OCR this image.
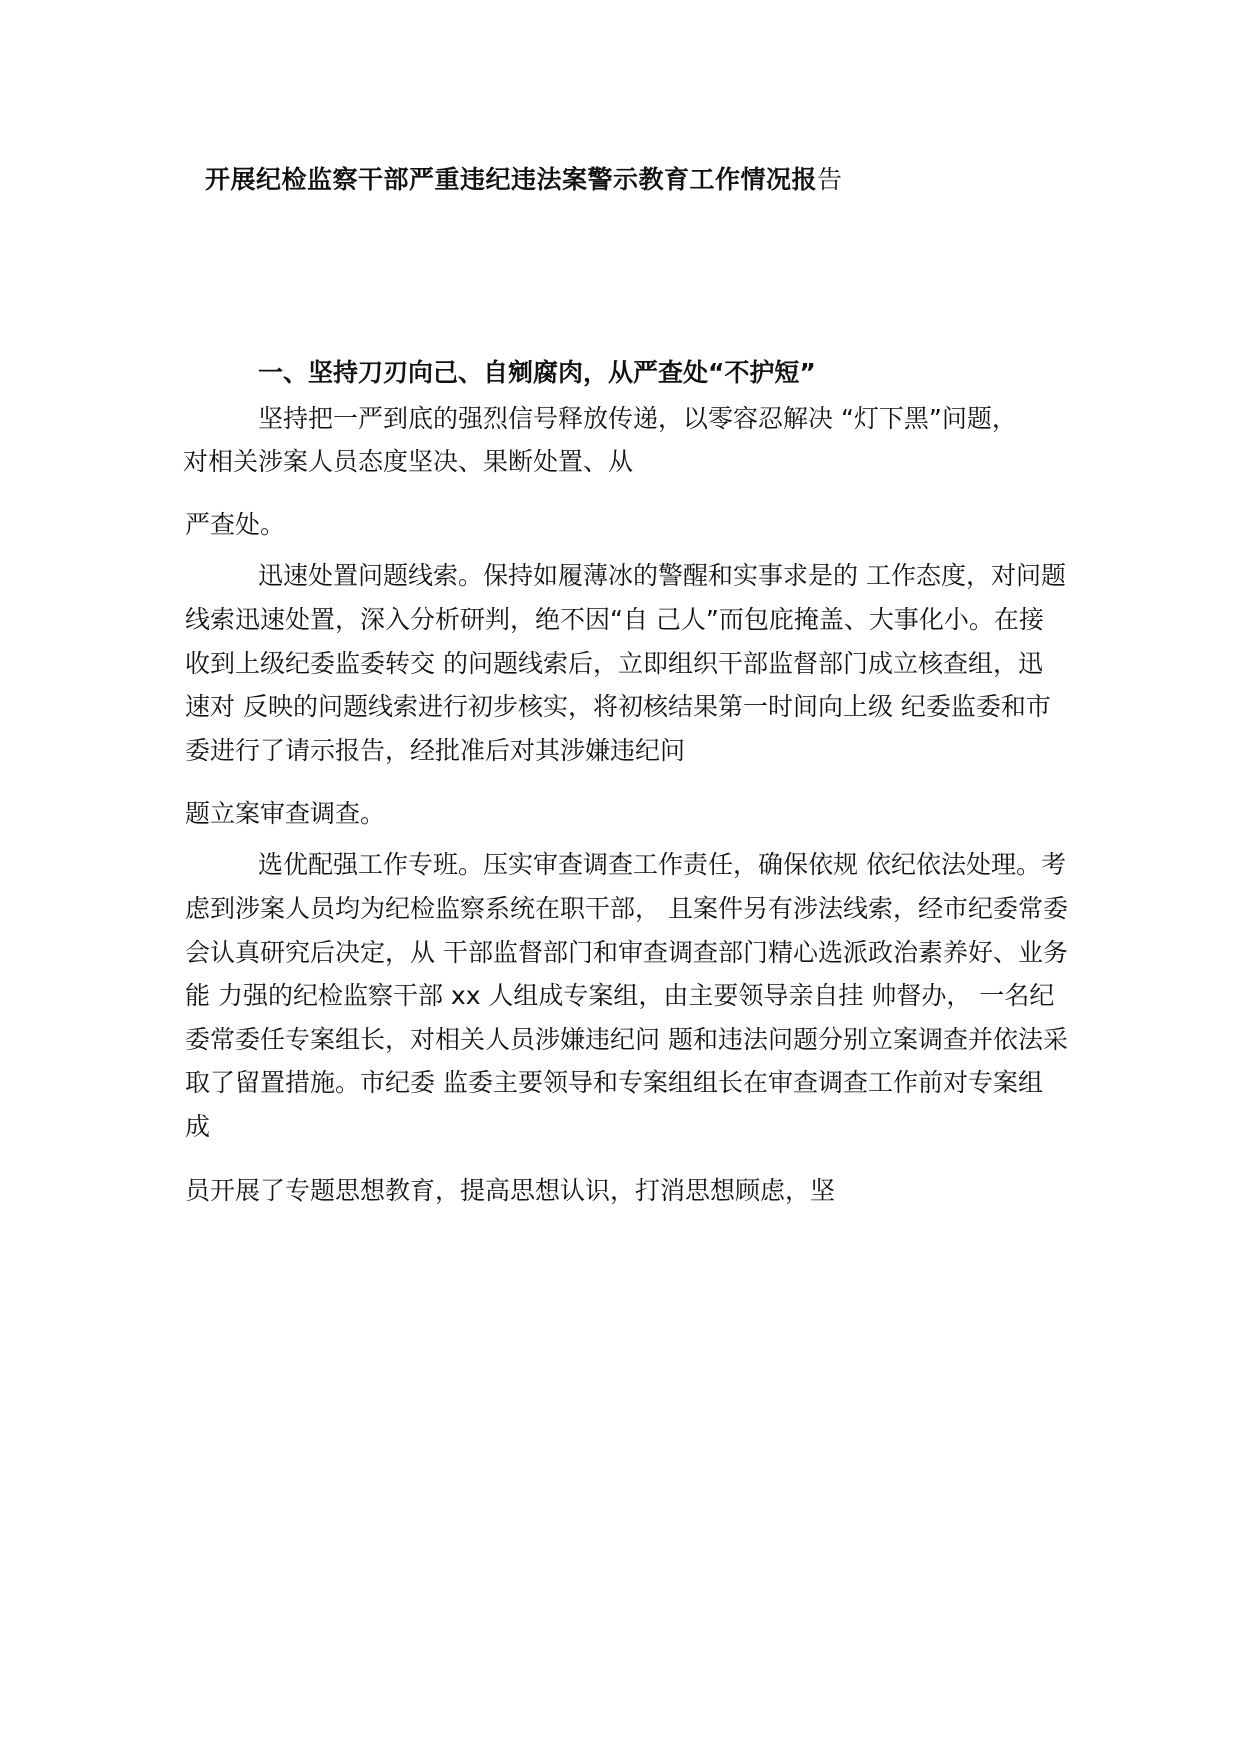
开展纪检监察干部严重违纪违法案警示教育工作情况报告
一、坚持刀刃向己、自剜腐肉，从严查处“不护短”
坚持把一严到底的强烈信号释放传递，以零容忍解决 “灯下黑”问题，
对相关涉案人员态度坚决、果断处置、从
严查处。
迅速处置问题线索。保持如履薄冰的警醒和实事求是的 工作态度，对问题
线索迅速处置，深入分析研判，绝不因“自 己人”而包庇掩盖、大事化小。在接
收到上级纪委监委转交 的问题线索后，立即组织干部监督部门成立核查组，迅
速对 反映的问题线索进行初步核实，将初核结果第一时间向上级 纪委监委和市
委进行了请示报告，经批准后对其涉嫌违纪问
题立案审查调查。
选优配强工作专班。压实审查调查工作责任，确保依规 依纪依法处理。考
虑到涉案人员均为纪检监察系统在职干部， 且案件另有涉法线索，经市纪委常委
会认真研究后决定，从 干部监督部门和审查调查部门精心选派政治素养好、业务
能 力强的纪检监察干部 xx 人组成专案组，由主要领导亲自挂 帅督办， 一名纪
委常委任专案组长，对相关人员涉嫌违纪问 题和违法问题分别立案调查并依法采
取了留置措施。市纪委 监委主要领导和专案组组长在审查调查工作前对专案组
成
员开展了专题思想教育，提高思想认识，打消思想顾虑，坚
